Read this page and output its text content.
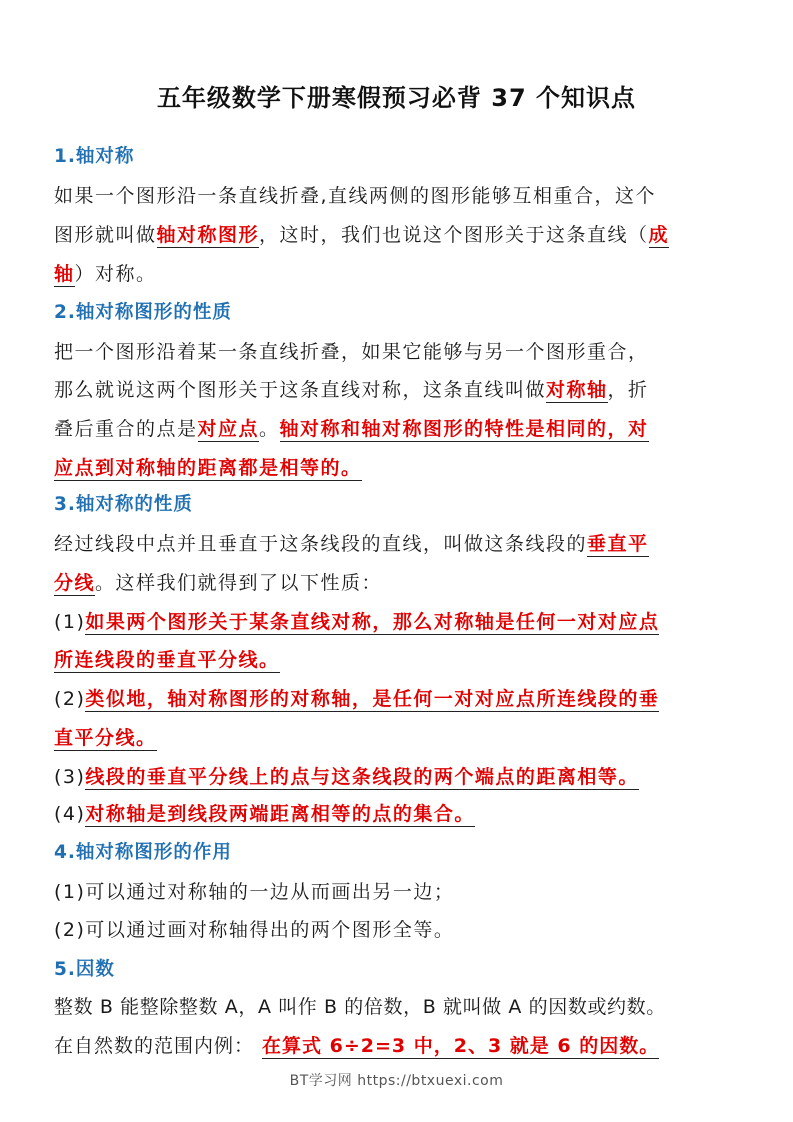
五年级数学下册寒假预习必背 37 个知识点
1.轴对称
如果一个图形沿一条直线折叠,直线两侧的图形能够互相重合，这个
图形就叫做轴对称图形，这时，我们也说这个图形关于这条直线（成
轴）对称。
2.轴对称图形的性质
把一个图形沿着某一条直线折叠，如果它能够与另一个图形重合，
那么就说这两个图形关于这条直线对称，这条直线叫做对称轴，折
叠后重合的点是对应点。轴对称和轴对称图形的特性是相同的，对
应点到对称轴的距离都是相等的。
3.轴对称的性质
经过线段中点并且垂直于这条线段的直线，叫做这条线段的垂直平
分线。这样我们就得到了以下性质：
(1)如果两个图形关于某条直线对称，那么对称轴是任何一对对应点
所连线段的垂直平分线。
(2)类似地，轴对称图形的对称轴，是任何一对对应点所连线段的垂
直平分线。
(3)线段的垂直平分线上的点与这条线段的两个端点的距离相等。
(4)对称轴是到线段两端距离相等的点的集合。
4.轴对称图形的作用
(1)可以通过对称轴的一边从而画出另一边；
(2)可以通过画对称轴得出的两个图形全等。
5.因数
整数 B 能整除整数 A，A 叫作 B 的倍数，B 就叫做 A 的因数或约数。
在自然数的范围内例： 在算式 6÷2=3 中，2、3 就是 6 的因数。
BT学习网 https://btxuexi.com
